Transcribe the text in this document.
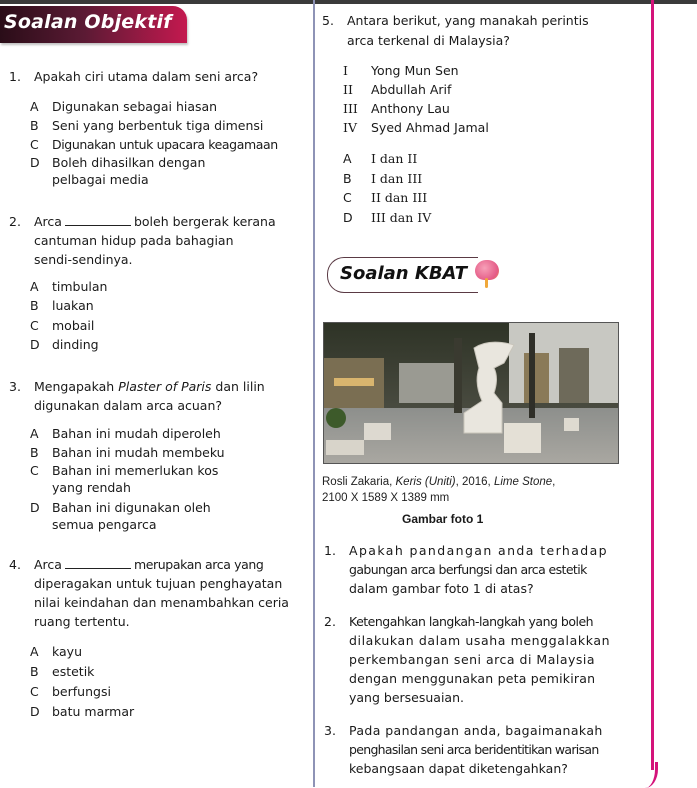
Soalan Objektif
1. Apakah ciri utama dalam seni arca?
A Digunakan sebagai hiasan
B Seni yang berbentuk tiga dimensi
C Digunakan untuk upacara keagamaan
D Boleh dihasilkan dengan
pelbagai media
2. Arca	boleh bergerak kerana
cantuman hidup pada bahagian
sendi-sendinya.
A timbulan
B luakan
C mobail
D dinding
3. Mengapakah Plaster of Paris dan lilin
digunakan dalam arca acuan?
A Bahan ini mudah diperoleh
B Bahan ini mudah membeku
C Bahan ini memerlukan kos
yang rendah
D Bahan ini digunakan oleh
semua pengarca
4. Arca	merupakan arca yang
diperagakan untuk tujuan penghayatan
nilai keindahan dan menambahkan ceria
ruang tertentu.
A kayu
B estetik
C berfungsi
D batu marmar
5. Antara berikut, yang manakah perintis
arca terkenal di Malaysia?
I Yong Mun Sen
II Abdullah Arif
III Anthony Lau
IV Syed Ahmad Jamal
A I dan II
B I dan III
C II dan III
D III dan IV
Soalan KBAT
Rosli Zakaria, Keris (Uniti), 2016, Lime Stone,
2100 X 1589 X 1389 mm
Gambar foto 1
1. Apakah pandangan anda terhadap
gabungan arca berfungsi dan arca estetik
dalam gambar foto 1 di atas?
2. Ketengahkan langkah-langkah yang boleh
dilakukan dalam usaha menggalakkan
perkembangan seni arca di Malaysia
dengan menggunakan peta pemikiran
yang bersesuaian.
3. Pada pandangan anda, bagaimanakah
penghasilan seni arca beridentitikan warisan
kebangsaan dapat diketengahkan?
